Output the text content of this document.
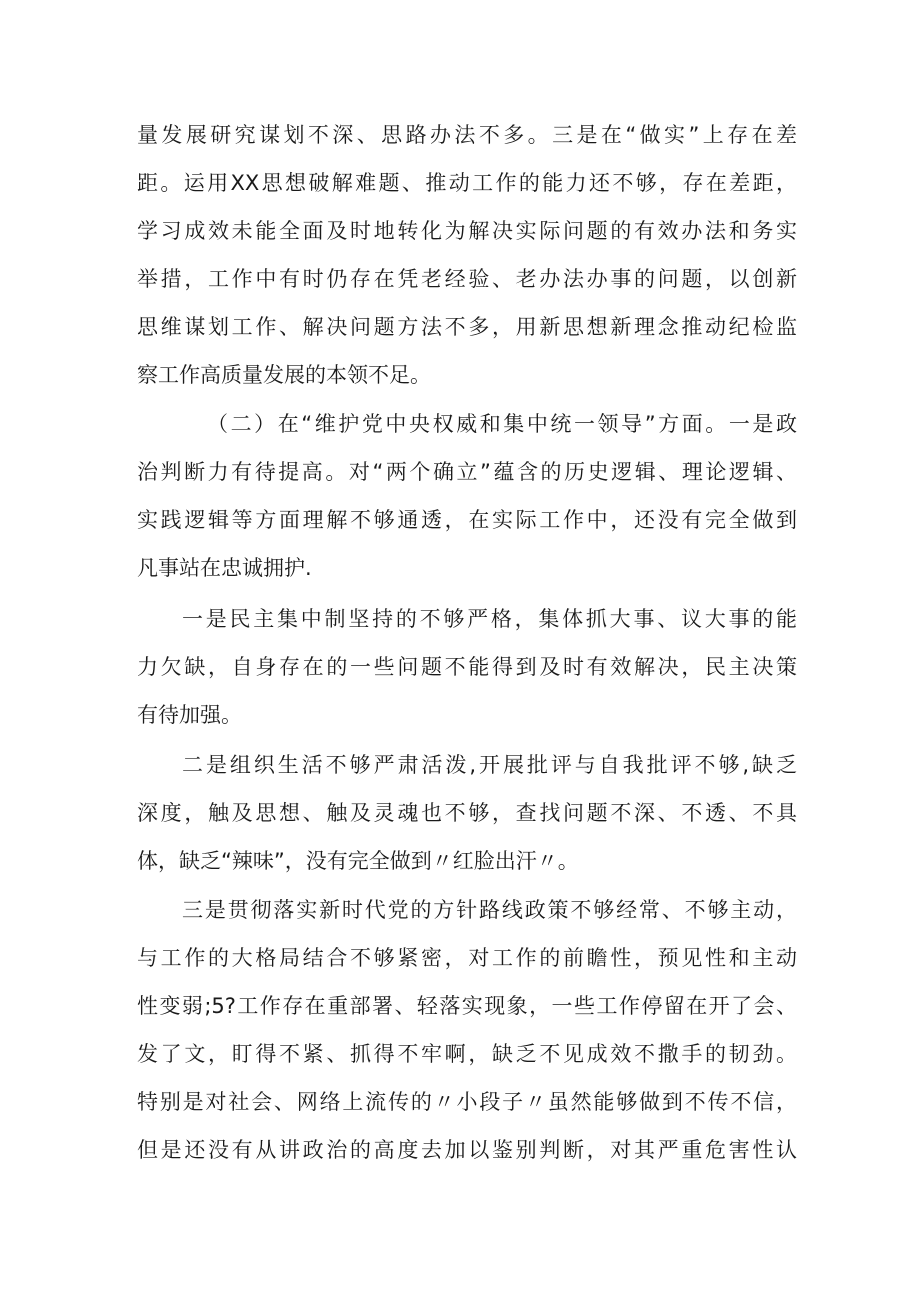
量发展研究谋划不深、思路办法不多。三是在“做实”上存在差
距。运用XX思想破解难题、推动工作的能力还不够，存在差距，
学习成效未能全面及时地转化为解决实际问题的有效办法和务实
举措，工作中有时仍存在凭老经验、老办法办事的问题，以创新
思维谋划工作、解决问题方法不多，用新思想新理念推动纪检监
察工作高质量发展的本领不足。
（二）在“维护党中央权威和集中统一领导”方面。一是政
治判断力有待提高。对“两个确立”蕴含的历史逻辑、理论逻辑、
实践逻辑等方面理解不够通透，在实际工作中，还没有完全做到
凡事站在忠诚拥护.
一是民主集中制坚持的不够严格，集体抓大事、议大事的能
力欠缺，自身存在的一些问题不能得到及时有效解决，民主决策
有待加强。
二是组织生活不够严肃活泼,开展批评与自我批评不够,缺乏
深度，触及思想、触及灵魂也不够，查找问题不深、不透、不具
体，缺乏“辣味”，没有完全做到〃红脸出汗〃。
三是贯彻落实新时代党的方针路线政策不够经常、不够主动，
与工作的大格局结合不够紧密，对工作的前瞻性，预见性和主动
性变弱;5?工作存在重部署、轻落实现象，一些工作停留在开了会、
发了文，盯得不紧、抓得不牢啊，缺乏不见成效不撒手的韧劲。
特别是对社会、网络上流传的〃小段子〃虽然能够做到不传不信，
但是还没有从讲政治的高度去加以鉴别判断，对其严重危害性认
